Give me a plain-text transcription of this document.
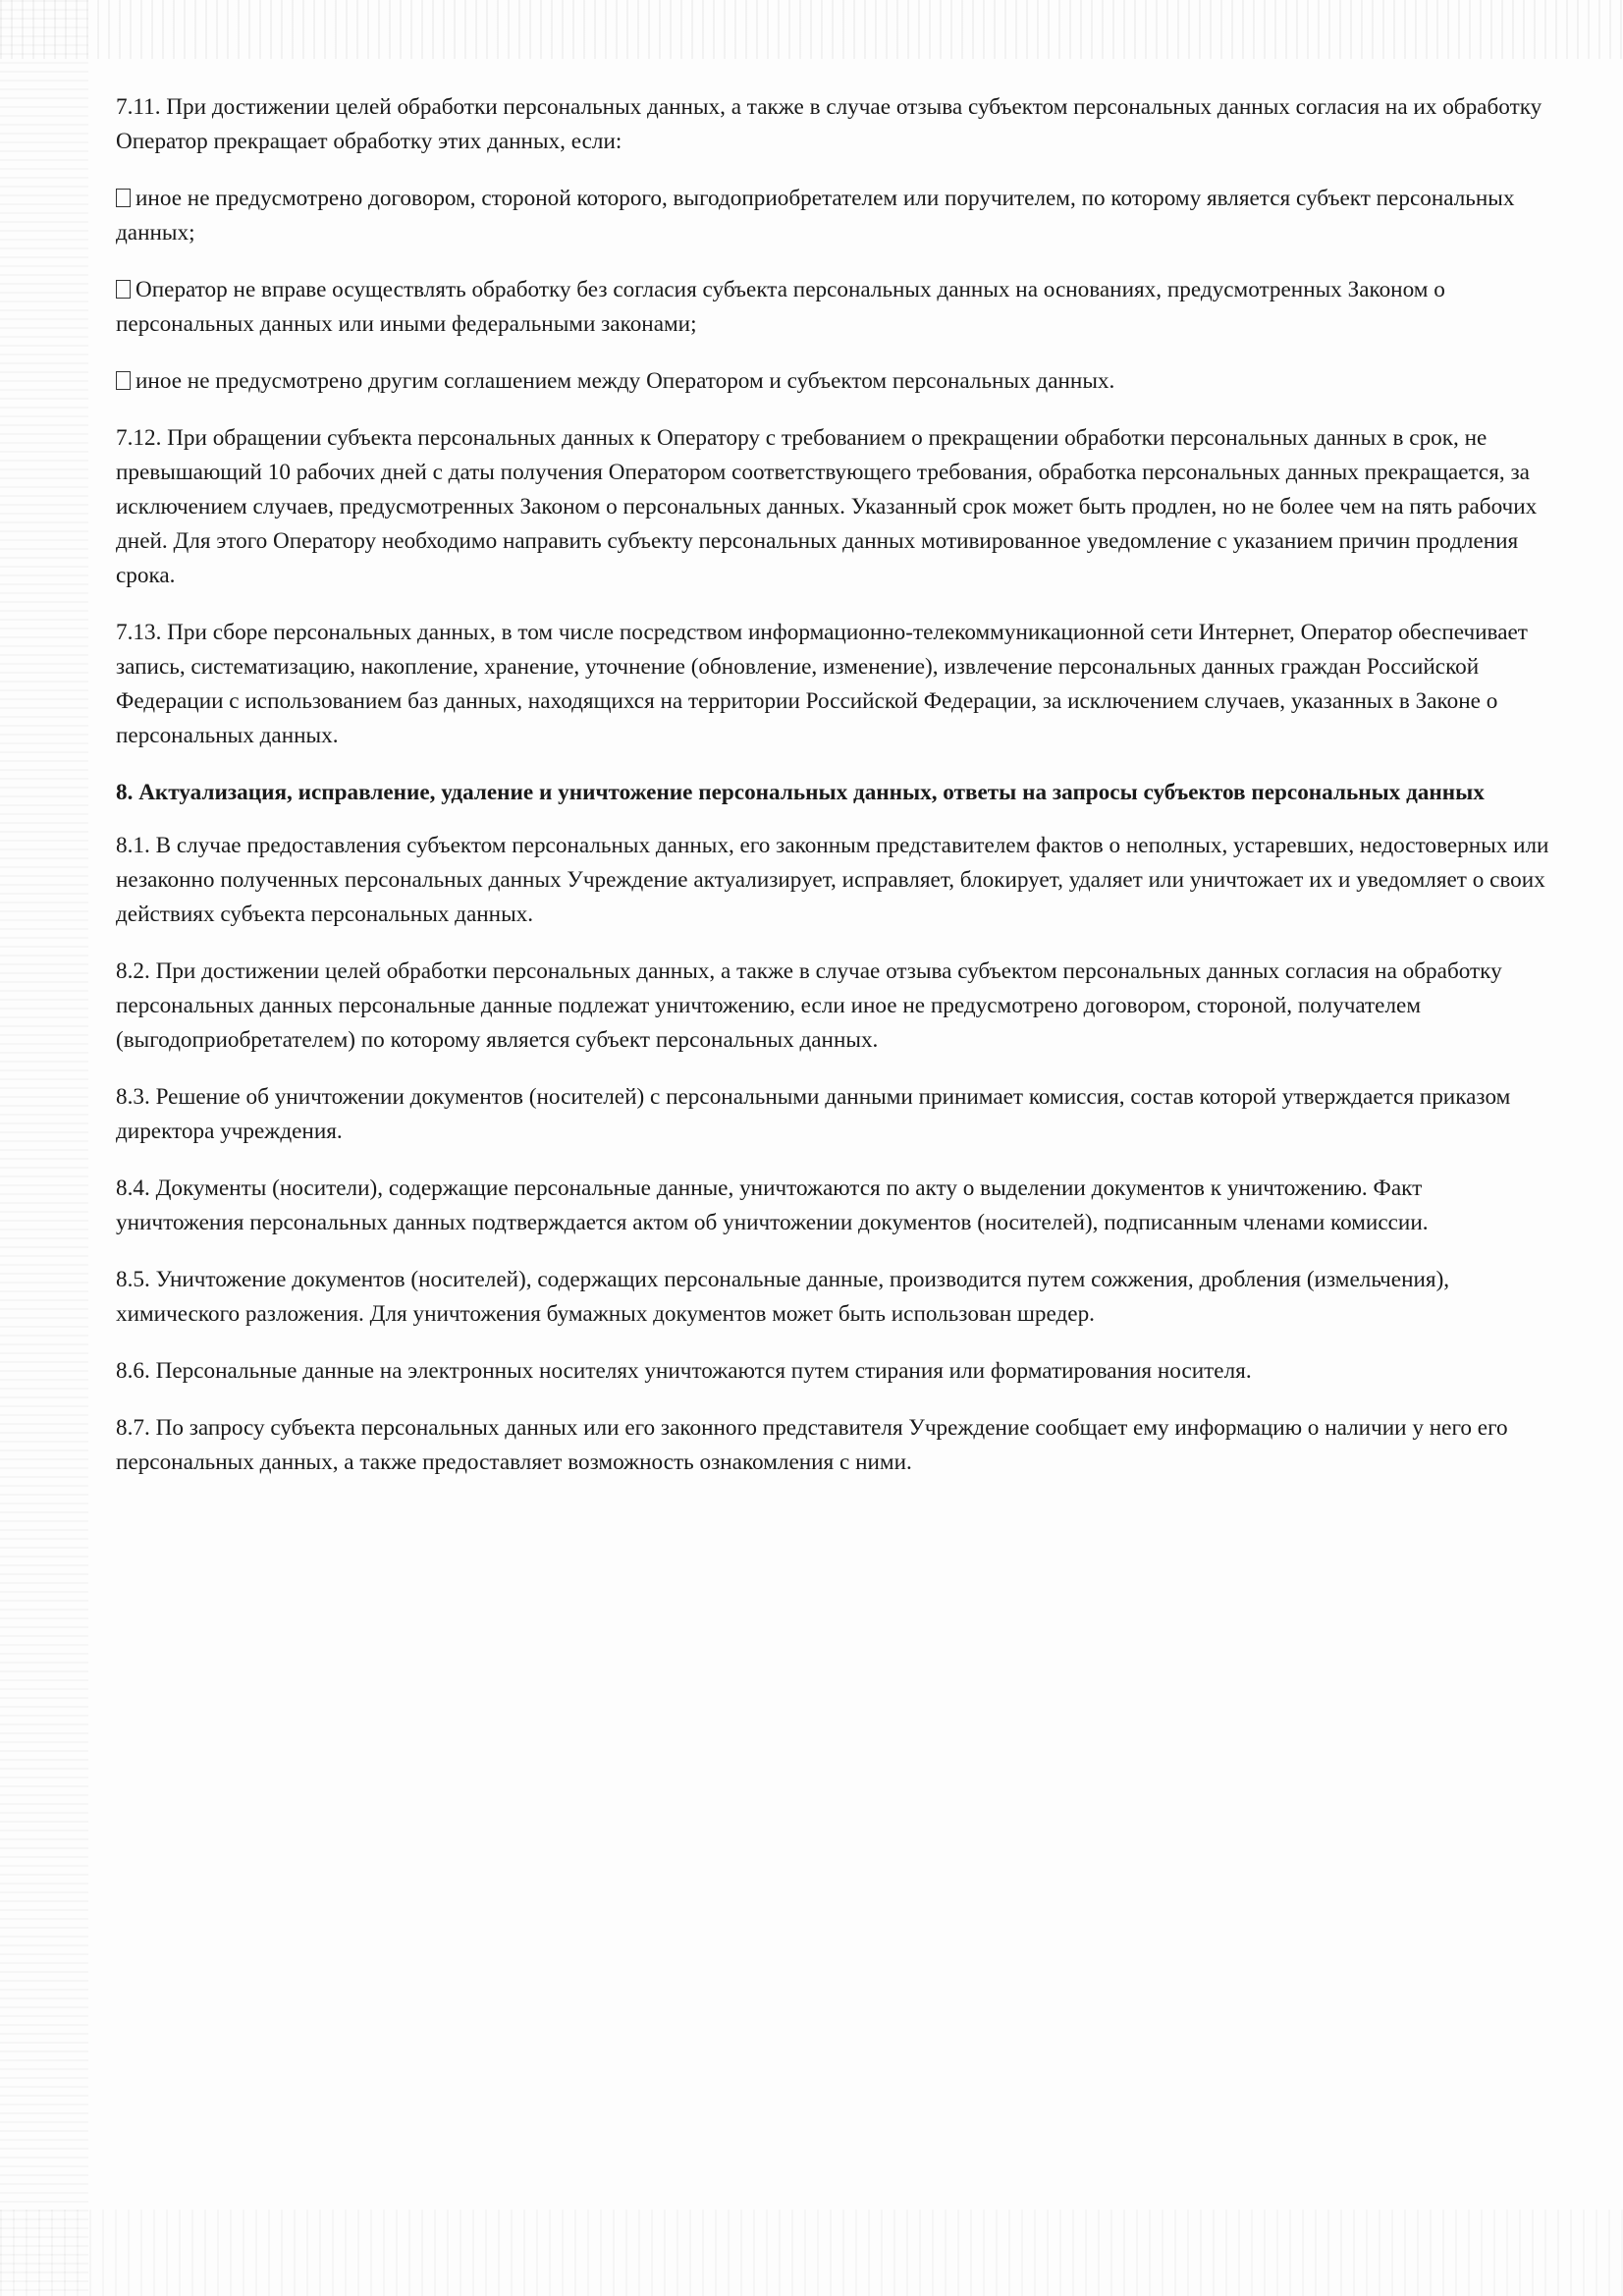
7.11. При достижении целей обработки персональных данных, а также в случае отзыва субъектом персональных данных согласия на их обработку Оператор прекращает обработку этих данных, если:

иное не предусмотрено договором, стороной которого, выгодоприобретателем или поручителем, по которому является субъект персональных данных;

Оператор не вправе осуществлять обработку без согласия субъекта персональных данных на основаниях, предусмотренных Законом о персональных данных или иными федеральными законами;

иное не предусмотрено другим соглашением между Оператором и субъектом персональных данных.

7.12. При обращении субъекта персональных данных к Оператору с требованием о прекращении обработки персональных данных в срок, не превышающий 10 рабочих дней с даты получения Оператором соответствующего требования, обработка персональных данных прекращается, за исключением случаев, предусмотренных Законом о персональных данных. Указанный срок может быть продлен, но не более чем на пять рабочих дней. Для этого Оператору необходимо направить субъекту персональных данных мотивированное уведомление с указанием причин продления срока.

7.13. При сборе персональных данных, в том числе посредством информационно-телекоммуникационной сети Интернет, Оператор обеспечивает запись, систематизацию, накопление, хранение, уточнение (обновление, изменение), извлечение персональных данных граждан Российской Федерации с использованием баз данных, находящихся на территории Российской Федерации, за исключением случаев, указанных в Законе о персональных данных.

8. Актуализация, исправление, удаление и уничтожение персональных данных, ответы на запросы субъектов персональных данных

8.1. В случае предоставления субъектом персональных данных, его законным представителем фактов о неполных, устаревших, недостоверных или незаконно полученных персональных данных Учреждение актуализирует, исправляет, блокирует, удаляет или уничтожает их и уведомляет о своих действиях субъекта персональных данных.

8.2. При достижении целей обработки персональных данных, а также в случае отзыва субъектом персональных данных согласия на обработку персональных данных персональные данные подлежат уничтожению, если иное не предусмотрено договором, стороной, получателем (выгодоприобретателем) по которому является субъект персональных данных.

8.3. Решение об уничтожении документов (носителей) с персональными данными принимает комиссия, состав которой утверждается приказом директора учреждения.

8.4. Документы (носители), содержащие персональные данные, уничтожаются по акту о выделении документов к уничтожению. Факт уничтожения персональных данных подтверждается актом об уничтожении документов (носителей), подписанным членами комиссии.

8.5. Уничтожение документов (носителей), содержащих персональные данные, производится путем сожжения, дробления (измельчения), химического разложения. Для уничтожения бумажных документов может быть использован шредер.

8.6. Персональные данные на электронных носителях уничтожаются путем стирания или форматирования носителя.

8.7. По запросу субъекта персональных данных или его законного представителя Учреждение сообщает ему информацию о наличии у него его персональных данных, а также предоставляет возможность ознакомления с ними.
